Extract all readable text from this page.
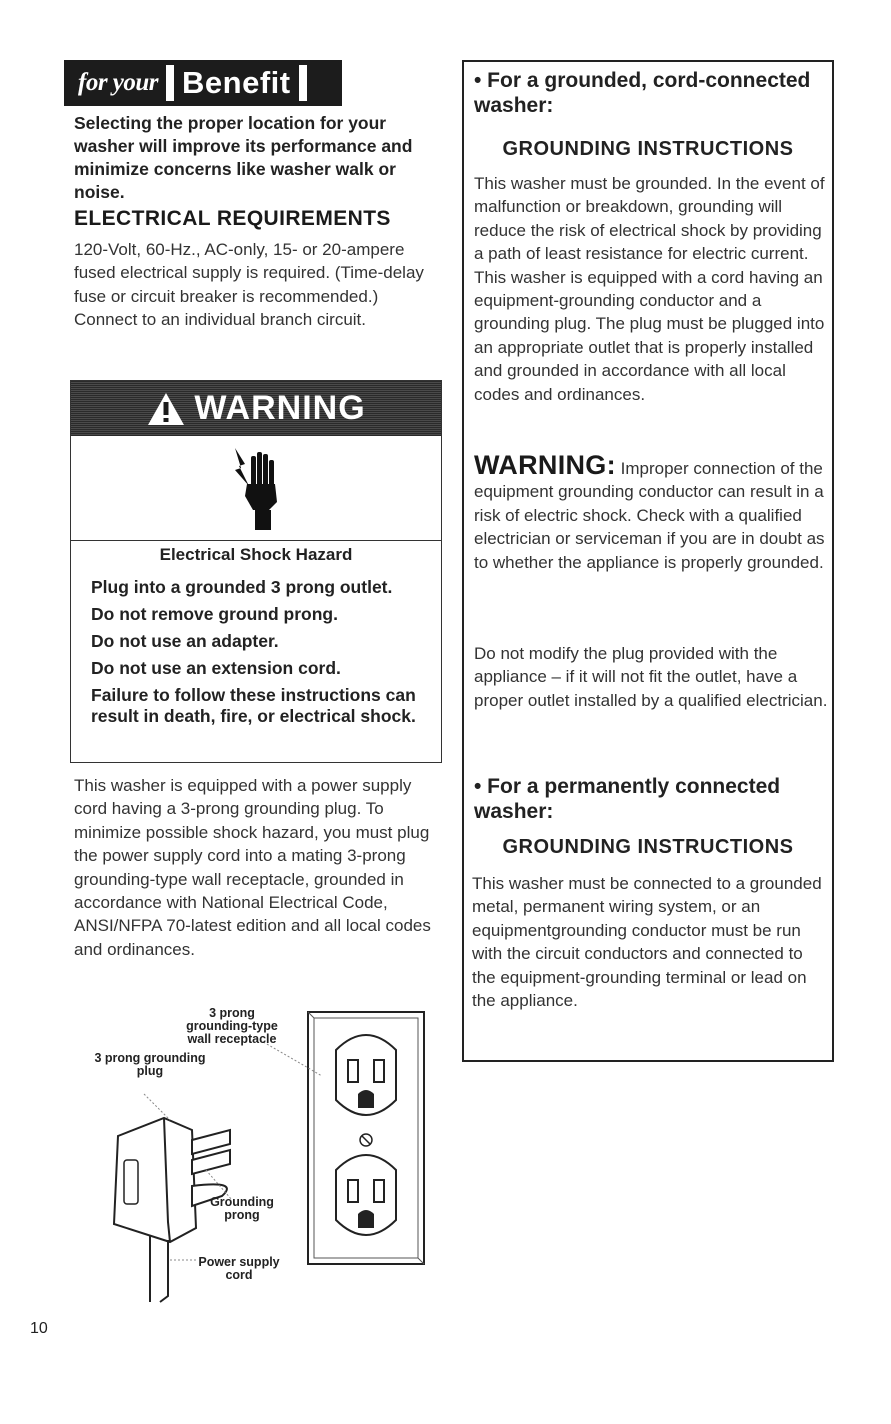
for your Benefit
Selecting the proper location for your washer will improve its performance and minimize concerns like washer walk or noise.
ELECTRICAL REQUIREMENTS
120-Volt, 60-Hz., AC-only, 15- or 20-ampere fused electrical supply is required. (Time-delay fuse or circuit breaker is recommended.) Connect to an individual branch circuit.
WARNING
Electrical Shock Hazard
Plug into a grounded 3 prong outlet.
Do not remove ground prong.
Do not use an adapter.
Do not use an extension cord.
Failure to follow these instructions can result in death, fire, or electrical shock.
This washer is equipped with a power supply cord having a 3-prong grounding plug. To minimize possible shock hazard, you must plug the power supply cord into a mating 3-prong grounding-type wall receptacle, grounded in accordance with National Electrical Code, ANSI/NFPA 70-latest edition and all local codes and ordinances.
3 prong grounding-type wall receptacle
3 prong grounding plug
Grounding prong
Power supply cord
10
• For a grounded, cord-connected washer:
GROUNDING INSTRUCTIONS
This washer must be grounded. In the event of malfunction or breakdown, grounding will reduce the risk of electrical shock by providing a path of least resistance for electric current. This washer is equipped with a cord having an equipment-grounding conductor and a grounding plug. The plug must be plugged into an appropriate outlet that is properly installed and grounded in accordance with all local codes and ordinances.
WARNING: Improper connection of the equipment grounding conductor can result in a risk of electric shock. Check with a qualified electrician or serviceman if you are in doubt as to whether the appliance is properly grounded.
Do not modify the plug provided with the appliance – if it will not fit the outlet, have a proper outlet installed by a qualified electrician.
• For a permanently connected washer:
GROUNDING INSTRUCTIONS
This washer must be connected to a grounded metal, permanent wiring system, or an equipmentgrounding conductor must be run with the circuit conductors and connected to the equipment-grounding terminal or lead on the appliance.
